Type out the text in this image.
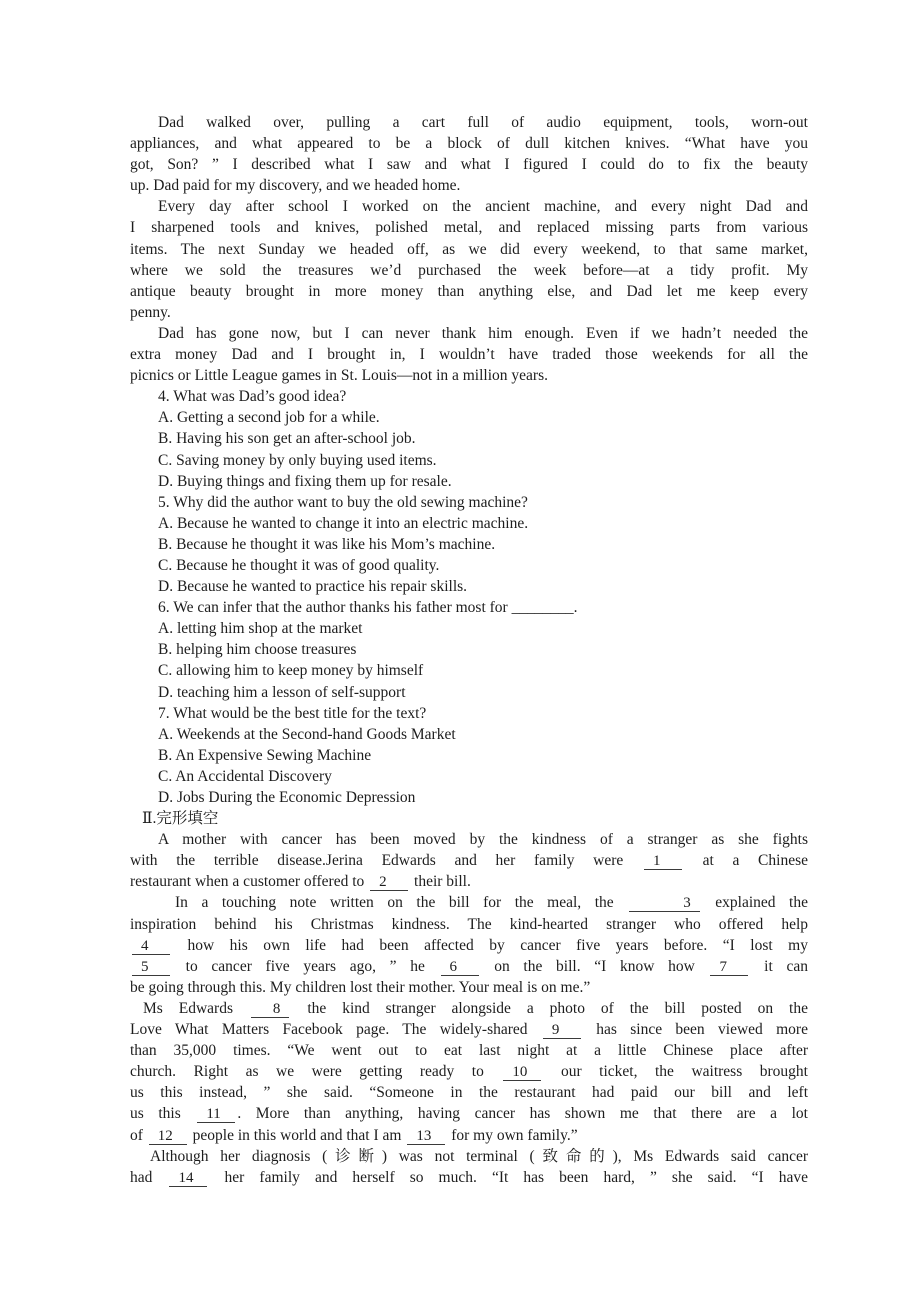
Dad walked over, pulling a cart full of audio equipment, tools, worn-out
appliances, and what appeared to be a block of dull kitchen knives. “What have you
got, Son? ” I described what I saw and what I figured I could do to fix the beauty
up. Dad paid for my discovery, and we headed home.
Every day after school I worked on the ancient machine, and every night Dad and
I sharpened tools and knives, polished metal, and replaced missing parts from various
items. The next Sunday we headed off, as we did every weekend, to that same market,
where we sold the treasures we’d purchased the week before—at a tidy profit. My
antique beauty brought in more money than anything else, and Dad let me keep every
penny.
Dad has gone now, but I can never thank him enough. Even if we hadn’t needed the
extra money Dad and I brought in, I wouldn’t have traded those weekends for all the
picnics or Little League games in St. Louis—not in a million years.
4. What was Dad’s good idea?
A. Getting a second job for a while.
B. Having his son get an after-school job.
C. Saving money by only buying used items.
D. Buying things and fixing them up for resale.
5. Why did the author want to buy the old sewing machine?
A. Because he wanted to change it into an electric machine.
B. Because he thought it was like his Mom’s machine.
C. Because he thought it was of good quality.
D. Because he wanted to practice his repair skills.
6. We can infer that the author thanks his father most for ________.
A. letting him shop at the market
B. helping him choose treasures
C. allowing him to keep money by himself
D. teaching him a lesson of self-support
7. What would be the best title for the text?
A. Weekends at the Second-hand Goods Market
B. An Expensive Sewing Machine
C. An Accidental Discovery
D. Jobs During the Economic Depression
Ⅱ.完形填空
A mother with cancer has been moved by the kindness of a stranger as she fights
with the terrible disease.Jerina Edwards and her family were 1 at a Chinese
restaurant when a customer offered to 2 their bill.
In a touching note written on the bill for the meal, the	3 explained the
inspiration behind his Christmas kindness. The kind-hearted stranger who offered help
4 how his own life had been affected by cancer five years before. “I lost my
5 to cancer five years ago, ” he 6 on the bill. “I know how 7 it can
be going through this. My children lost their mother. Your meal is on me.”
Ms Edwards 8 the kind stranger alongside a photo of the bill posted on the
Love What Matters Facebook page. The widely-shared 9 has since been viewed more
than 35,000 times. “We went out to eat last night at a little Chinese place after
church. Right as we were getting ready to 10 our ticket, the waitress brought
us this instead, ” she said. “Someone in the restaurant had paid our bill and left
us this 11 . More than anything, having cancer has shown me that there are a lot
of 12 people in this world and that I am 13 for my own family.”
Although her diagnosis (诊断) was not terminal (致命的), Ms Edwards said cancer
had 14 her family and herself so much. “It has been hard, ” she said. “I have
